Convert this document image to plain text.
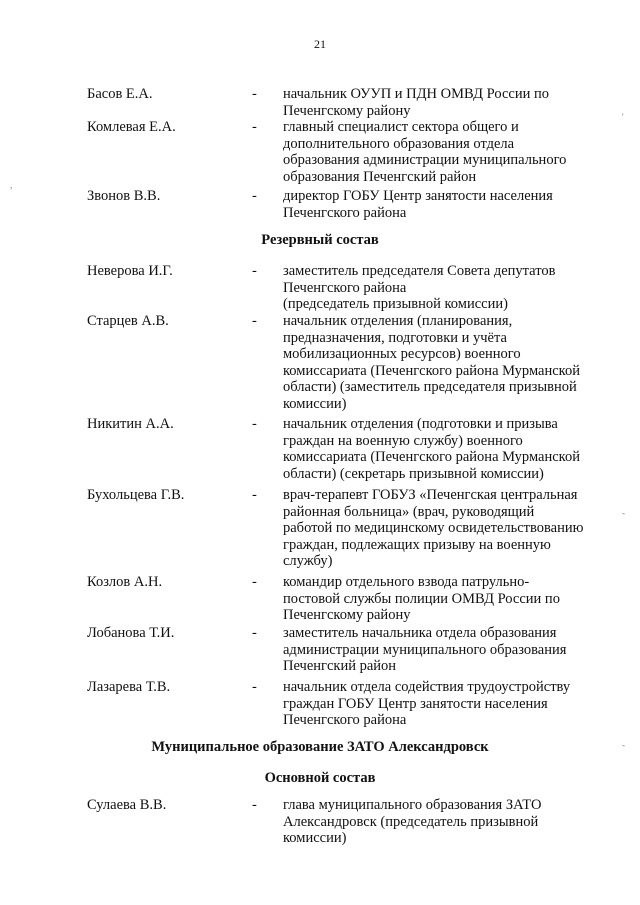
21
Басов Е.А.	- начальник ОУУП и ПДН ОМВД России по
Печенгскому району
Комлевая Е.А.	- главный специалист сектора общего и
дополнительного образования отдела
образования администрации муниципального
образования Печенгский район
Звонов В.В.	- директор ГОБУ Центр занятости населения
Печенгского района
Резервный состав
Неверова И.Г.	- заместитель председателя Совета депутатов
Печенгского района
(председатель призывной комиссии)
Старцев А.В.	- начальник отделения (планирования,
предназначения, подготовки и учёта
мобилизационных ресурсов) военного
комиссариата (Печенгского района Мурманской
области) (заместитель председателя призывной
комиссии)
Никитин А.А.	- начальник отделения (подготовки и призыва
граждан на военную службу) военного
комиссариата (Печенгского района Мурманской
области) (секретарь призывной комиссии)
Бухольцева Г.В.	- врач-терапевт ГОБУЗ «Печенгская центральная
районная больница» (врач, руководящий
работой по медицинскому освидетельствованию
граждан, подлежащих призыву на военную
службу)
Козлов А.Н.	- командир отдельного взвода патрульно-
постовой службы полиции ОМВД России по
Печенгскому району
Лобанова Т.И.	- заместитель начальника отдела образования
администрации муниципального образования
Печенгский район
Лазарева Т.В.	- начальник отдела содействия трудоустройству
граждан ГОБУ Центр занятости населения
Печенгского района
Муниципальное образование ЗАТО Александровск
Основной состав
Сулаева В.В.	- глава муниципального образования ЗАТО
Александровск (председатель призывной
комиссии)
,
'
-
-
